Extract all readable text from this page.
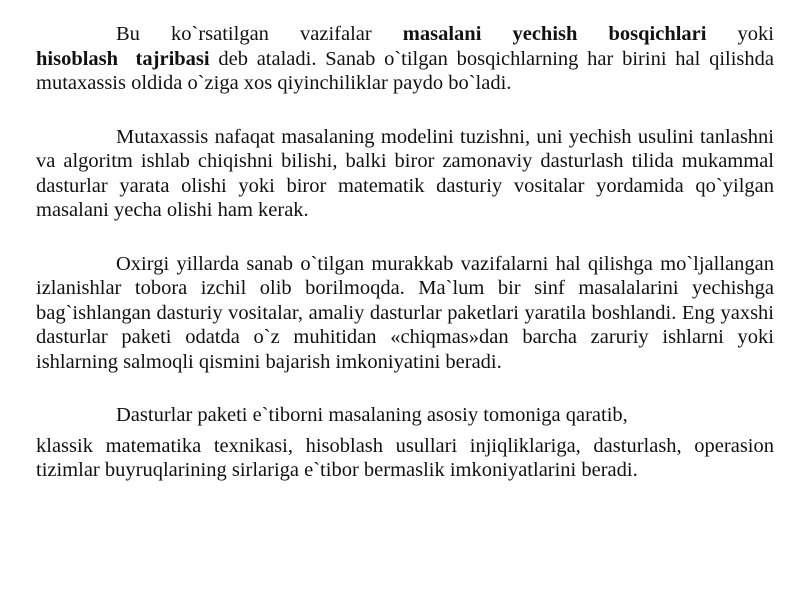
Bu ko`rsatilgan vazifalar masalani yechish bosqichlari yoki hisoblash  tajribasi deb ataladi. Sanab o`tilgan bosqichlarning har birini hal qilishda mutaxassis oldida o`ziga xos qiyinchiliklar paydo bo`ladi.

Mutaxassis nafaqat masalaning modelini tuzishni, uni yechish usulini tanlashni va algoritm ishlab chiqishni bilishi, balki biror zamonaviy dasturlash tilida mukammal dasturlar yarata olishi yoki biror matematik dasturiy vositalar yordamida qo`yilgan masalani yecha olishi ham kerak.

Oxirgi yillarda sanab o`tilgan murakkab vazifalarni hal qilishga mo`ljallangan izlanishlar tobora izchil olib borilmoqda. Ma`lum bir sinf masalalarini yechishga bag`ishlangan dasturiy vositalar, amaliy dasturlar paketlari yaratila boshlandi. Eng yaxshi dasturlar paketi odatda o`z muhitidan «chiqmas»dan barcha zaruriy ishlarni yoki ishlarning salmoqli qismini bajarish imkoniyatini beradi.

Dasturlar paketi e`tiborni masalaning asosiy tomoniga qaratib,

klassik matematika texnikasi, hisoblash usullari injiqliklariga, dasturlash, operasion tizimlar buyruqlarining sirlariga e`tibor bermaslik imkoniyatlarini beradi.
